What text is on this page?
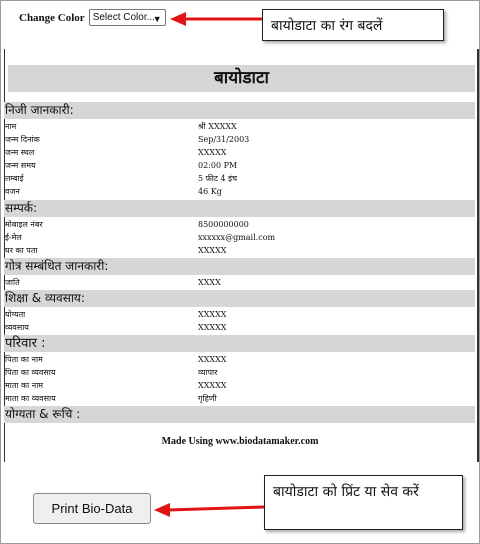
Change Color Select Color...
▼	बायोडाटा का रंग बदलें
बायोडाटा
निजी जानकारी:
नाम	श्री XXXXX
जन्म दिनांक	Sep/31/2003
जन्म स्थल	XXXXX
जन्म समय	02:00 PM
लम्बाई	5 फ़ीट 4 इंच
वजन	46 Kg
सम्पर्क:
मोबाइल नंबर	8500000000
ई-मेल	xxxxxx@gmail.com
घर का पता	XXXXX
गोत्र सम्बंधित जानकारी:
जाति	XXXX
शिक्षा & व्यवसाय:
योग्यता	XXXXX
व्यवसाय	XXXXX
परिवार :
पिता का नाम	XXXXX
पिता का व्यवसाय	व्यापार
माता का नाम	XXXXX
माता का व्यवसाय	गृहिणी
योग्यता & रूचि :
Made Using www.biodatamaker.com
Print Bio-Data
बायोडाटा को प्रिंट या सेव करें
